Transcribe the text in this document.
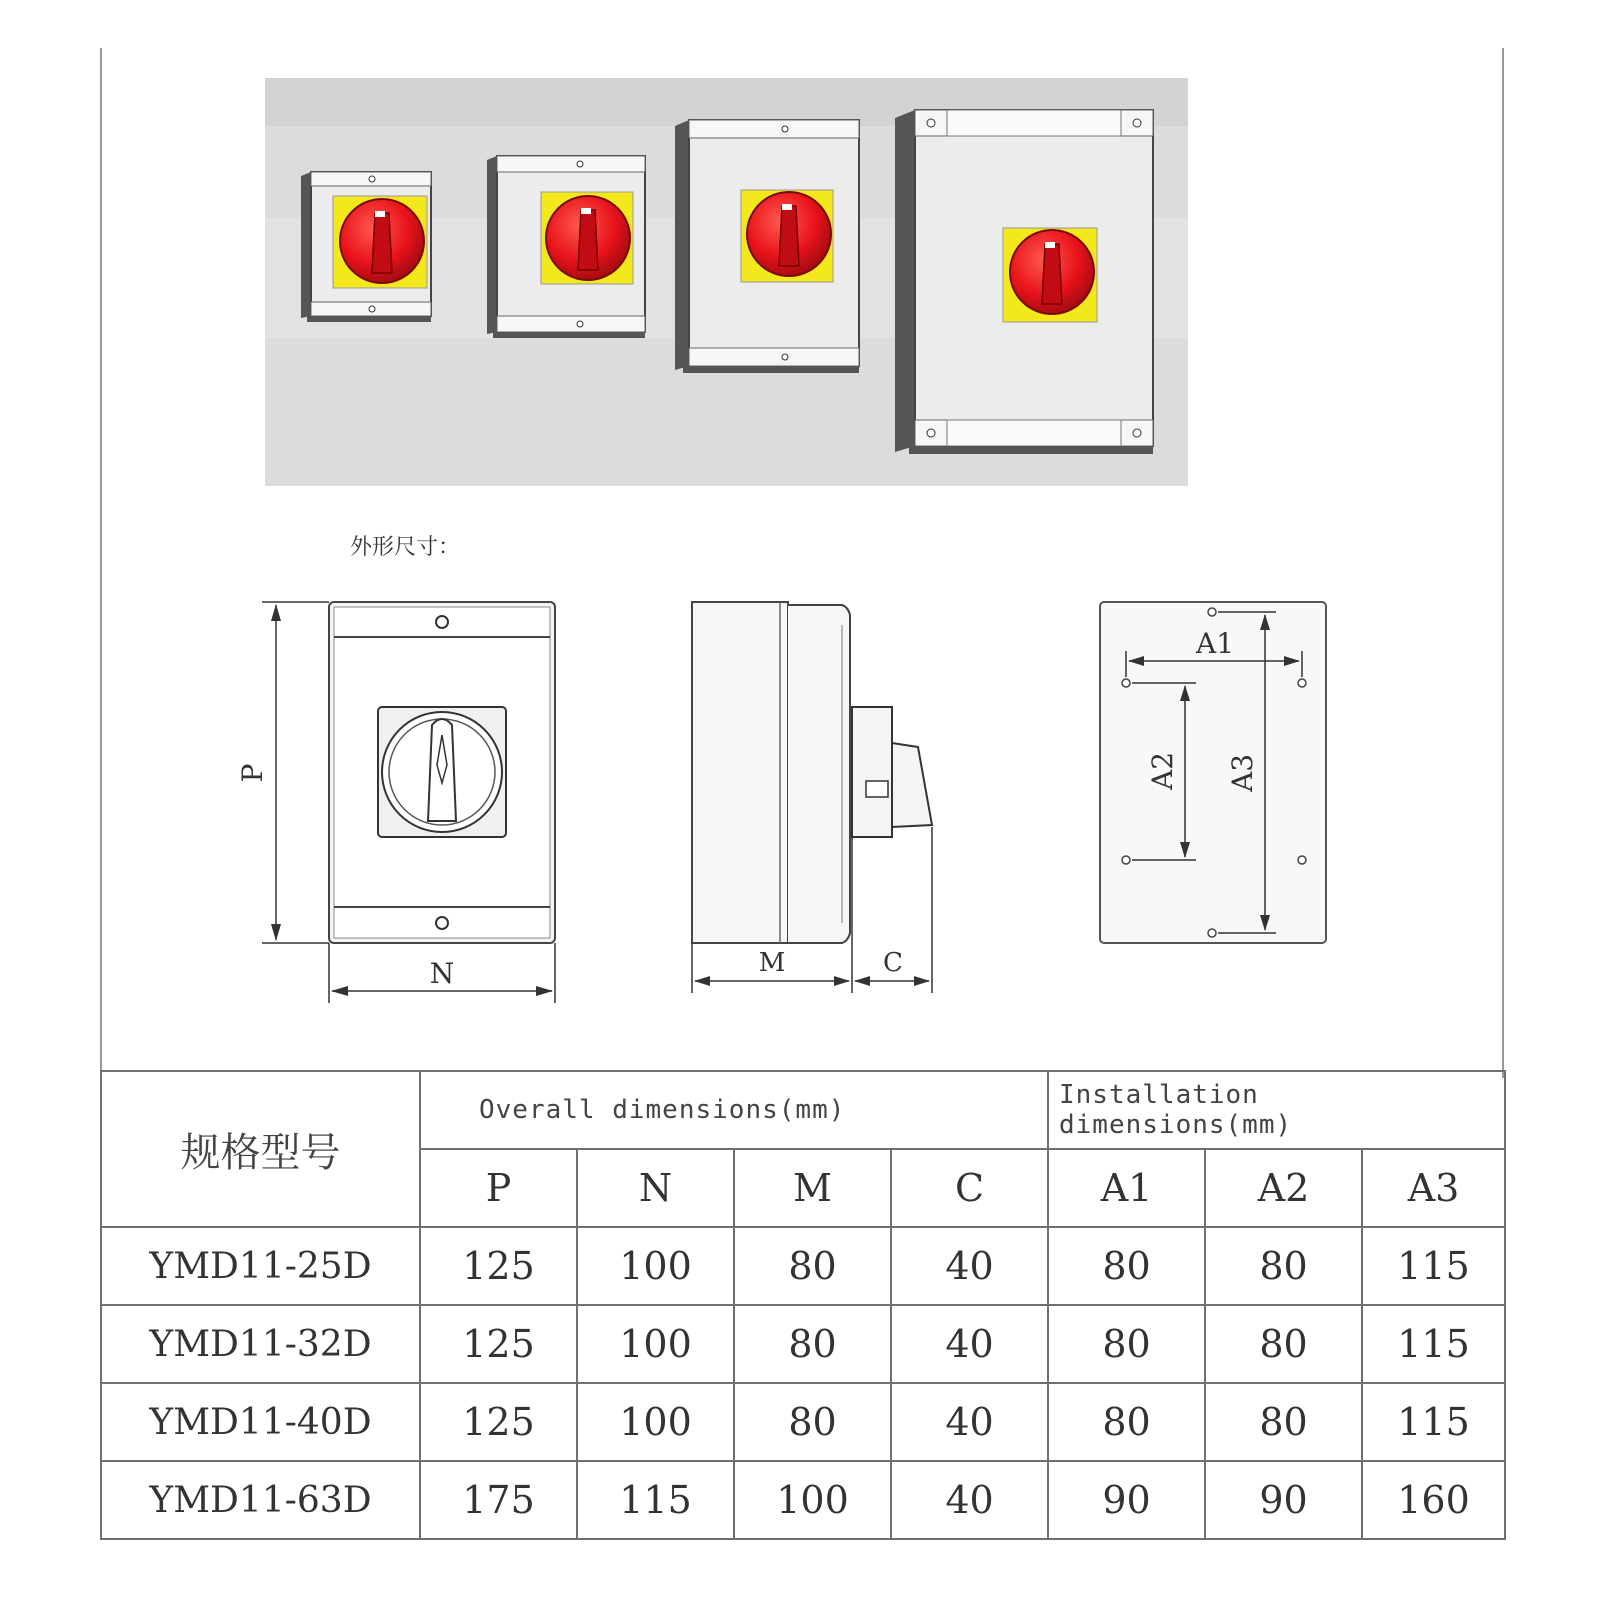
外形尺寸：
P
N	M	C
A1
A2 A3
规格型号	Overall dimensions(mm)				Installation dimensions(mm)		
	P	N	M	C	A1	A2	A3
YMD11-25D	125	100	80	40	80	80	115
YMD11-32D	125	100	80	40	80	80	115
YMD11-40D	125	100	80	40	80	80	115
YMD11-63D	175	115	100	40	90	90	160
